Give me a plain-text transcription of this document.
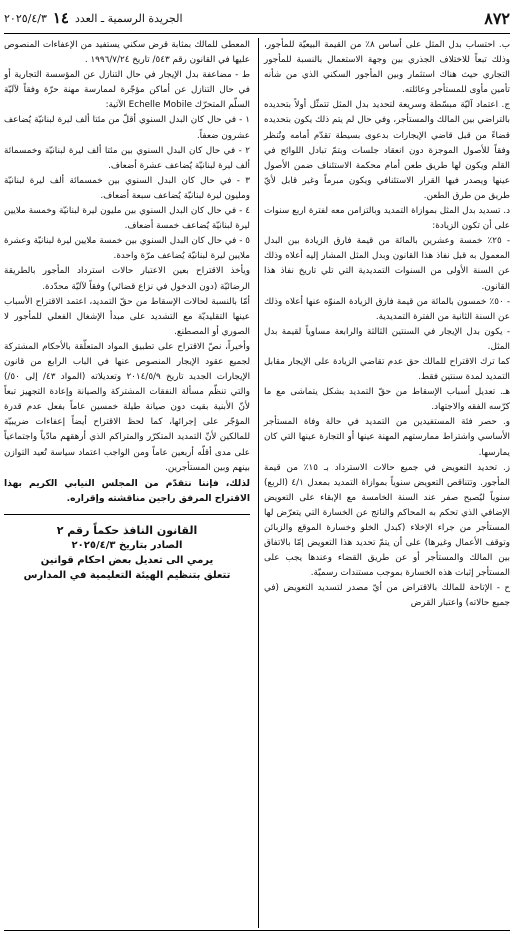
٨٧٢
الجريدة الرسمية ـ العدد
١٤
٢٠٢٥/٤/٣

ب. احتساب بدل المثل على أساس ٨٪ من القيمة البيعيّة للمأجور، وذلك تبعاً للاختلاف الجذري بين وجهة الاستعمال بالنسبة للمأجور التجاري حيث هناك استثمار وبين المأجور السكني الذي من شأنه تأمين مأوى للمستأجر وعائلته.

ج. اعتماد آليّة مبسّطة وسريعة لتحديد بدل المثل تتمثّل أولاً بتحديده بالتراضي بين المالك والمستأجر، وفي حال لم يتم ذلك يكون بتحديده قضاءً من قبل قاضي الإيجارات بدعوى بسيطة تقدّم أمامه وتُنظر وفقاً للأصول الموجزة دون انعقاد جلسات وبتمّ تبادل اللوائح في القلم ويكون لها طريق طعن أمام محكمة الاستئناف ضمن الأصول عينها ويصدر فيها القرار الاستئنافي ويكون مبرماً وغير قابل لأيّ طريق من طرق الطعن.

د. تسديد بدل المثل بموازاة التمديد وبالتزامن معه لفترة اربع سنوات على أن تكون الزيادة:

- ٢٥٪ خمسة وعشرين بالمائة من قيمة فارق الزيادة بين البدل المعمول به قبل نفاذ هذا القانون وبدل المثل المشار إليه أعلاه وذلك عن السنة الأولى من السنوات التمديدية التي تلي تاريخ نفاذ هذا القانون.

- ٥٠٪ خمسون بالمائة من قيمة فارق الزيادة المنوّه عنها أعلاه وذلك عن السنة الثانية من الفترة التمديدية.

- يكون بدل الإيجار في السنتين الثالثة والرابعة مساوياً لقيمة بدل المثل.

كما ترك الاقتراح للمالك حق عدم تقاضي الزيادة على الإيجار مقابل التمديد لمدة سنتين فقط.

هـ. تعديل أسباب الإسقاط من حقّ التمديد بشكل يتماشى مع ما كرّسه الفقه والاجتهاد.

و. حصر فئة المستفيدين من التمديد في حالة وفاة المستأجر الأساسي واشتراط ممارستهم المهنة عينها أو التجارة عينها التي كان يمارسها.

ز. تحديد التعويض في جميع حالات الاسترداد بـ ١٥٪ من قيمة المأجور. وتتناقص التعويض سنوياً بموازاة التمديد بمعدل ٤/١ (الربع) سنوياً ليُصبح صفر عند السنة الخامسة مع الإبقاء على التعويض الإضافي الذي تحكم به المحاكم والناتج عن الخسارة التي يتعرّض لها المستأجر من جراء الإخلاء (كبدل الخلو وخسارة الموقع والزبائن وتوقف الأعمال وغيرها) على أن يتمّ تحديد هذا التعويض إمّا بالاتفاق بين المالك والمستأجر أو عن طريق القضاء وعندها يجب على المستأجر إثبات هذه الخسارة بموجب مستندات رسميّة.

ح - الإتاحة للمالك بالاقتراض من أيّ مصدر لتسديد التعويض (في جميع حالاته) واعتبار القرض

المعطى للمالك بمثابة قرض سكني يستفيد من الإعفاءات المنصوص عليها في القانون رقم ٥٤٣/ تاريخ ١٩٩٦/٧/٢٤ .

ط - مضاعفة بدل الإيجار في حال التنازل عن المؤسسة التجارية أو في حال التنازل عن أماكن مؤجّرة لممارسة مهنة حرّة وفقاً لآليّة السلّم المتحرّك Echelle Mobile الآتية:

١ - في حال كان البدل السنوي أقلّ من مئتا ألف ليرة لبنانيّة يُضاعف عشرون ضعفاً.

٢ - في حال كان البدل السنوي بين مئتا ألف ليرة لبنانيّة وخمسمائة ألف ليرة لبنانيّة يُضاعف عشرة أضعاف.

٣ - في حال كان البدل السنوي بين خمسمائة ألف ليرة لبنانيّة ومليون ليرة لبنانيّة يُضاعف سبعة أضعاف.

٤ - في حال كان البدل السنوي بين مليون ليرة لبنانيّة وخمسة ملايين ليرة لبنانيّة يُضاعف خمسة أضعاف.

٥ - في حال كان البدل السنوي بين خمسة ملايين ليرة لبنانيّة وعشرة ملايين ليرة لبنانيّة يُضاعف مرّة واحدة.

ويأخذ الاقتراح بعين الاعتبار حالات استرداد المأجور بالطريقة الرضائيّة (دون الدخول في نزاع قضائي) وفقاً لآليّة محدّدة.

أمّا بالنسبة لحالات الإسقاط من حقّ التمديد، اعتمد الاقتراح الأسباب عينها التقليديّة مع التشديد على مبدأ الإشغال الفعلي للمأجور لا الصوري أو المصطنع.

وأخيراً، نصّ الاقتراح على تطبيق المواد المتعلّقة بالأحكام المشتركة لجميع عقود الإيجار المنصوص عنها في الباب الرابع من قانون الإيجارات الجديد تاريخ ٢٠١٤/٥/٩ وتعديلاته (المواد ٤٣/ إلى ٥٠/) والتي تنظّم مسألة النفقات المشتركة والصيانة وإعادة التجهيز تبعاً لأنّ الأبنية بقيت دون صيانة طيلة خمسين عاماً بفعل عدم قدرة المؤجّر على إجرائها، كما لحظ الاقتراح أيضاً إعفاءات ضريبيّة للمالكين لأنّ التمديد المتكرّر والمتراكم الذي أرهقهم مادّياً واجتماعياً على مدى أقلّه أربعين عاماً ومن الواجب اعتماد سياسة تُعيد التوازن بينهم وبين المستأجرين.

لذلك، فإننا نتقدّم من المجلس النيابي الكريم بهذا الاقتراح المرفق راجين مناقشته وإقراره.

القانون النافذ حكماً رقم ٢
الصادر بتاريخ ٢٠٢٥/٤/٣
يرمي الى تعديل بعض احكام قوانين
تتعلق بتنظيم الهيئة التعليمية في المدارس
